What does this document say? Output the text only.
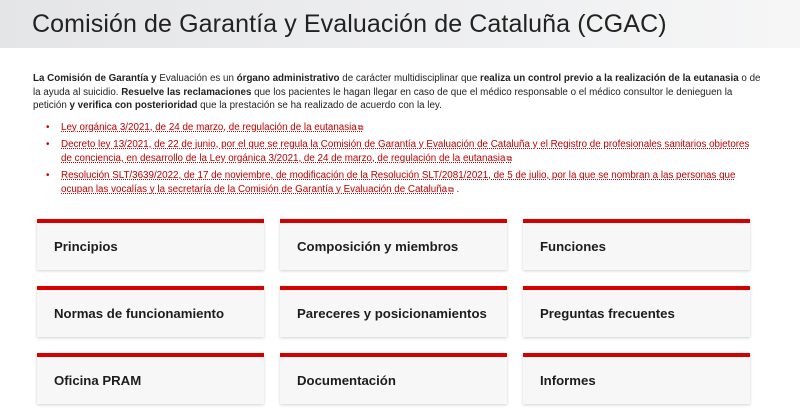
Comisión de Garantía y Evaluación de Cataluña (CGAC)

La Comisión de Garantía y Evaluación es un órgano administrativo de carácter multidisciplinar que realiza un control previo a la realización de la eutanasia o de la ayuda al suicidio. Resuelve las reclamaciones que los pacientes le hagan llegar en caso de que el médico responsable o el médico consultor le denieguen la petición y verifica con posterioridad que la prestación se ha realizado de acuerdo con la ley.

• Ley orgánica 3/2021, de 24 de marzo, de regulación de la eutanasia⧉
• Decreto ley 13/2021, de 22 de junio, por el que se regula la Comisión de Garantía y Evaluación de Cataluña y el Registro de profesionales sanitarios objetores de conciencia, en desarrollo de la Ley orgánica 3/2021, de 24 de marzo, de regulación de la eutanasia⧉
• Resolución SLT/3639/2022, de 17 de noviembre, de modificación de la Resolución SLT/2081/2021, de 5 de julio, por la que se nombran a las personas que ocupan las vocalías y la secretaría de la Comisión de Garantía y Evaluación de Cataluña⧉ .
Principios	Composición y miembros	Funciones
Normas de funcionamiento	Pareceres y posicionamientos	Preguntas frecuentes
Oficina PRAM	Documentación	Informes
